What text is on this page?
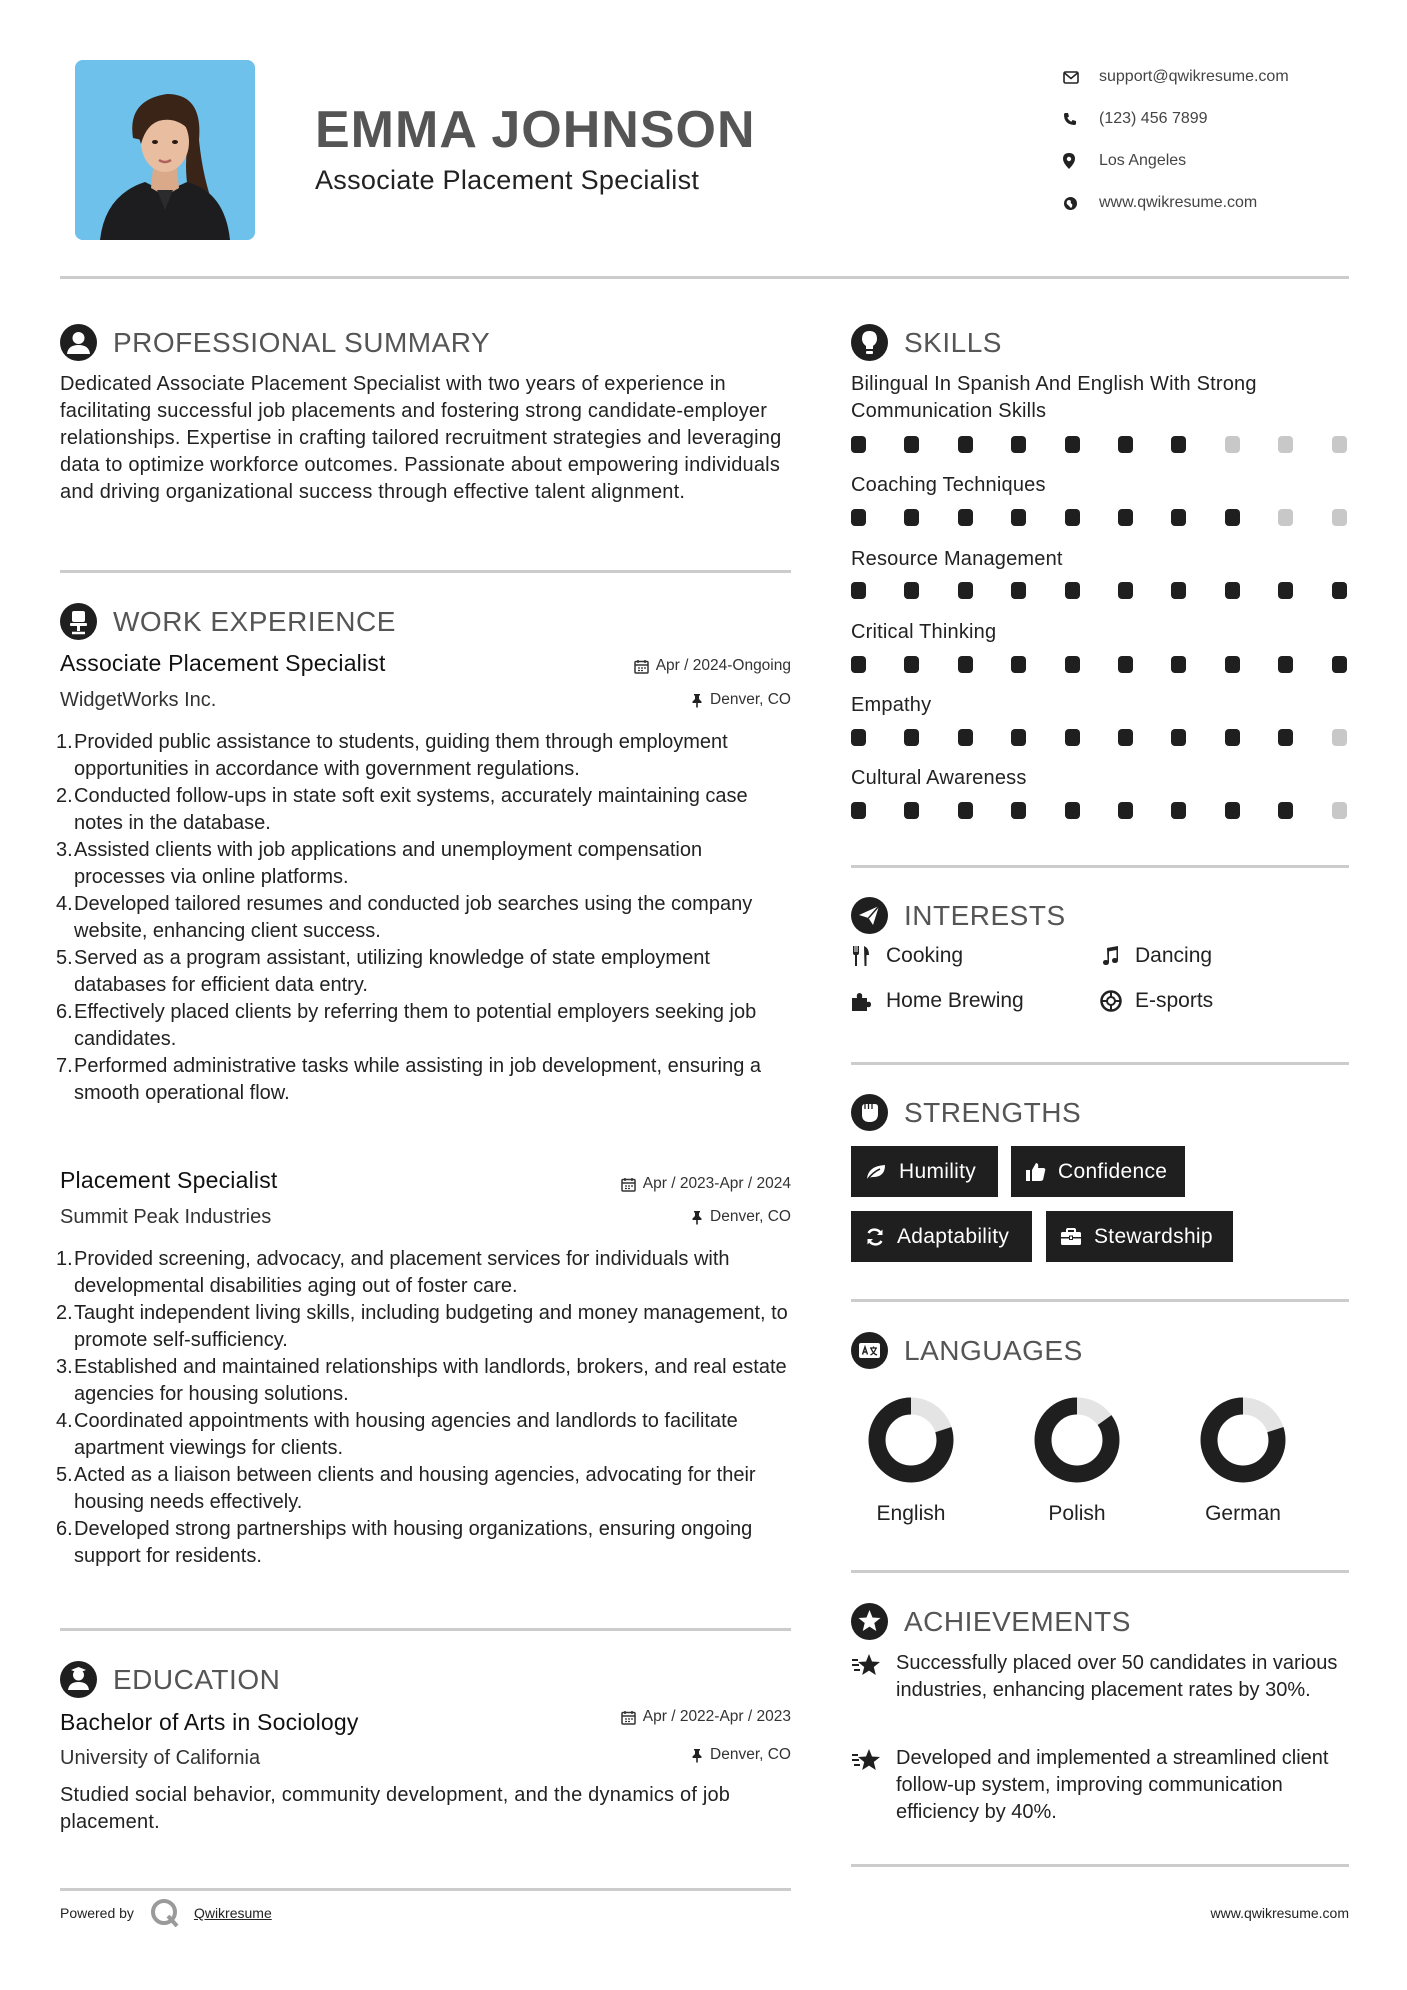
EMMA JOHNSON
Associate Placement Specialist
support@qwikresume.com
(123) 456 7899
Los Angeles
www.qwikresume.com
PROFESSIONAL SUMMARY
Dedicated Associate Placement Specialist with two years of experience in facilitating successful job placements and fostering strong candidate-employer relationships. Expertise in crafting tailored recruitment strategies and leveraging data to optimize workforce outcomes. Passionate about empowering individuals and driving organizational success through effective talent alignment.
WORK EXPERIENCE
Associate Placement Specialist	Apr / 2024-Ongoing
WidgetWorks Inc.	Denver, CO
1. Provided public assistance to students, guiding them through employment opportunities in accordance with government regulations.
2. Conducted follow-ups in state soft exit systems, accurately maintaining case notes in the database.
3. Assisted clients with job applications and unemployment compensation processes via online platforms.
4. Developed tailored resumes and conducted job searches using the company website, enhancing client success.
5. Served as a program assistant, utilizing knowledge of state employment databases for efficient data entry.
6. Effectively placed clients by referring them to potential employers seeking job candidates.
7. Performed administrative tasks while assisting in job development, ensuring a smooth operational flow.
Placement Specialist	Apr / 2023-Apr / 2024
Summit Peak Industries	Denver, CO
1. Provided screening, advocacy, and placement services for individuals with developmental disabilities aging out of foster care.
2. Taught independent living skills, including budgeting and money management, to promote self-sufficiency.
3. Established and maintained relationships with landlords, brokers, and real estate agencies for housing solutions.
4. Coordinated appointments with housing agencies and landlords to facilitate apartment viewings for clients.
5. Acted as a liaison between clients and housing agencies, advocating for their housing needs effectively.
6. Developed strong partnerships with housing organizations, ensuring ongoing support for residents.
EDUCATION
Bachelor of Arts in Sociology	Apr / 2022-Apr / 2023
University of California	Denver, CO
Studied social behavior, community development, and the dynamics of job placement.
SKILLS
Bilingual In Spanish And English With Strong Communication Skills
Coaching Techniques
Resource Management
Critical Thinking
Empathy
Cultural Awareness
INTERESTS
Cooking	Dancing
Home Brewing	E-sports
STRENGTHS
Humility	Confidence
Adaptability	Stewardship
LANGUAGES
English	Polish	German
ACHIEVEMENTS
Successfully placed over 50 candidates in various industries, enhancing placement rates by 30%.
Developed and implemented a streamlined client follow-up system, improving communication efficiency by 40%.
Powered by	Qwikresume	www.qwikresume.com
